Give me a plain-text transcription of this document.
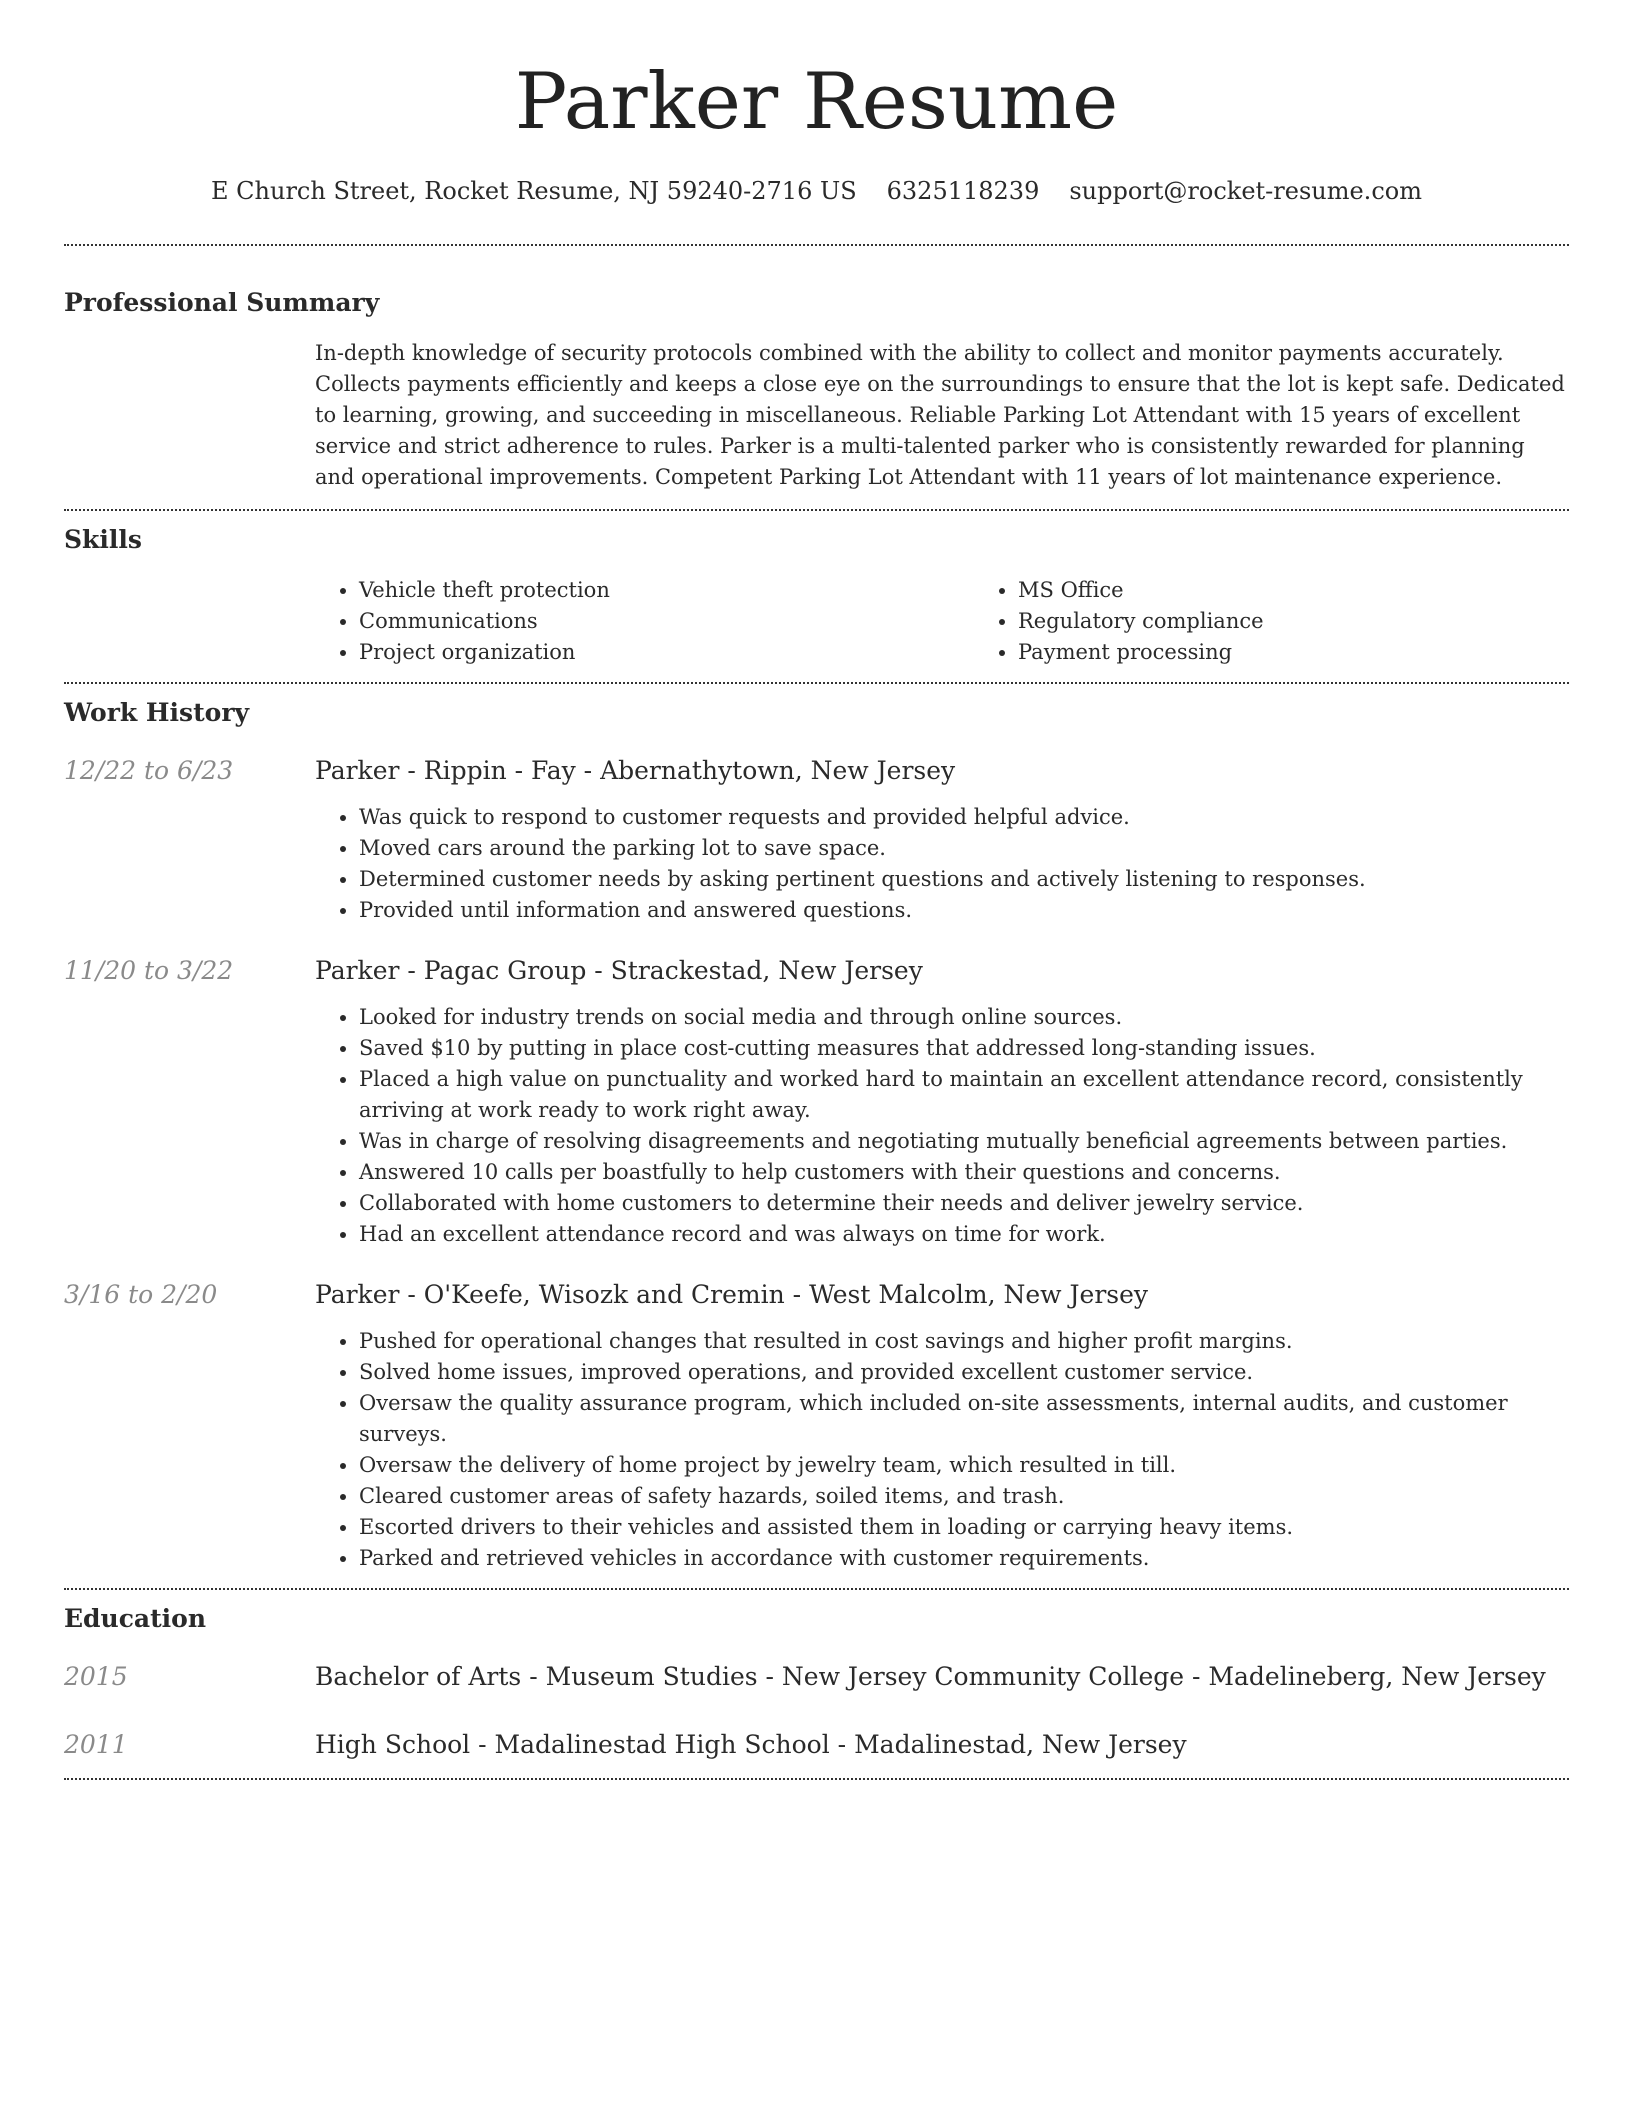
Parker Resume
E Church Street, Rocket Resume, NJ 59240-2716 US 6325118239 support@rocket-resume.com
Professional Summary

In-depth knowledge of security protocols combined with the ability to collect and monitor payments accurately. Collects payments efficiently and keeps a close eye on the surroundings to ensure that the lot is kept safe. Dedicated to learning, growing, and succeeding in miscellaneous. Reliable Parking Lot Attendant with 15 years of excellent service and strict adherence to rules. Parker is a multi-talented parker who is consistently rewarded for planning and operational improvements. Competent Parking Lot Attendant with 11 years of lot maintenance experience.

Skills
• Vehicle theft protection
• Communications
• Project organization
• MS Office
• Regulatory compliance
• Payment processing
Work History
12/22 to 6/23	Parker - Rippin - Fay - Abernathytown, New Jersey
• Was quick to respond to customer requests and provided helpful advice.
• Moved cars around the parking lot to save space.
• Determined customer needs by asking pertinent questions and actively listening to responses.
• Provided until information and answered questions.
11/20 to 3/22	Parker - Pagac Group - Strackestad, New Jersey
• Looked for industry trends on social media and through online sources.
• Saved $10 by putting in place cost-cutting measures that addressed long-standing issues.
• Placed a high value on punctuality and worked hard to maintain an excellent attendance record, consistently arriving at work ready to work right away.
• Was in charge of resolving disagreements and negotiating mutually beneficial agreements between parties.
• Answered 10 calls per boastfully to help customers with their questions and concerns.
• Collaborated with home customers to determine their needs and deliver jewelry service.
• Had an excellent attendance record and was always on time for work.
3/16 to 2/20	Parker - O'Keefe, Wisozk and Cremin - West Malcolm, New Jersey
• Pushed for operational changes that resulted in cost savings and higher profit margins.
• Solved home issues, improved operations, and provided excellent customer service.
• Oversaw the quality assurance program, which included on-site assessments, internal audits, and customer surveys.
• Oversaw the delivery of home project by jewelry team, which resulted in till.
• Cleared customer areas of safety hazards, soiled items, and trash.
• Escorted drivers to their vehicles and assisted them in loading or carrying heavy items.
• Parked and retrieved vehicles in accordance with customer requirements.
Education
2015	Bachelor of Arts - Museum Studies - New Jersey Community College - Madelineberg, New Jersey
2011	High School - Madalinestad High School - Madalinestad, New Jersey
